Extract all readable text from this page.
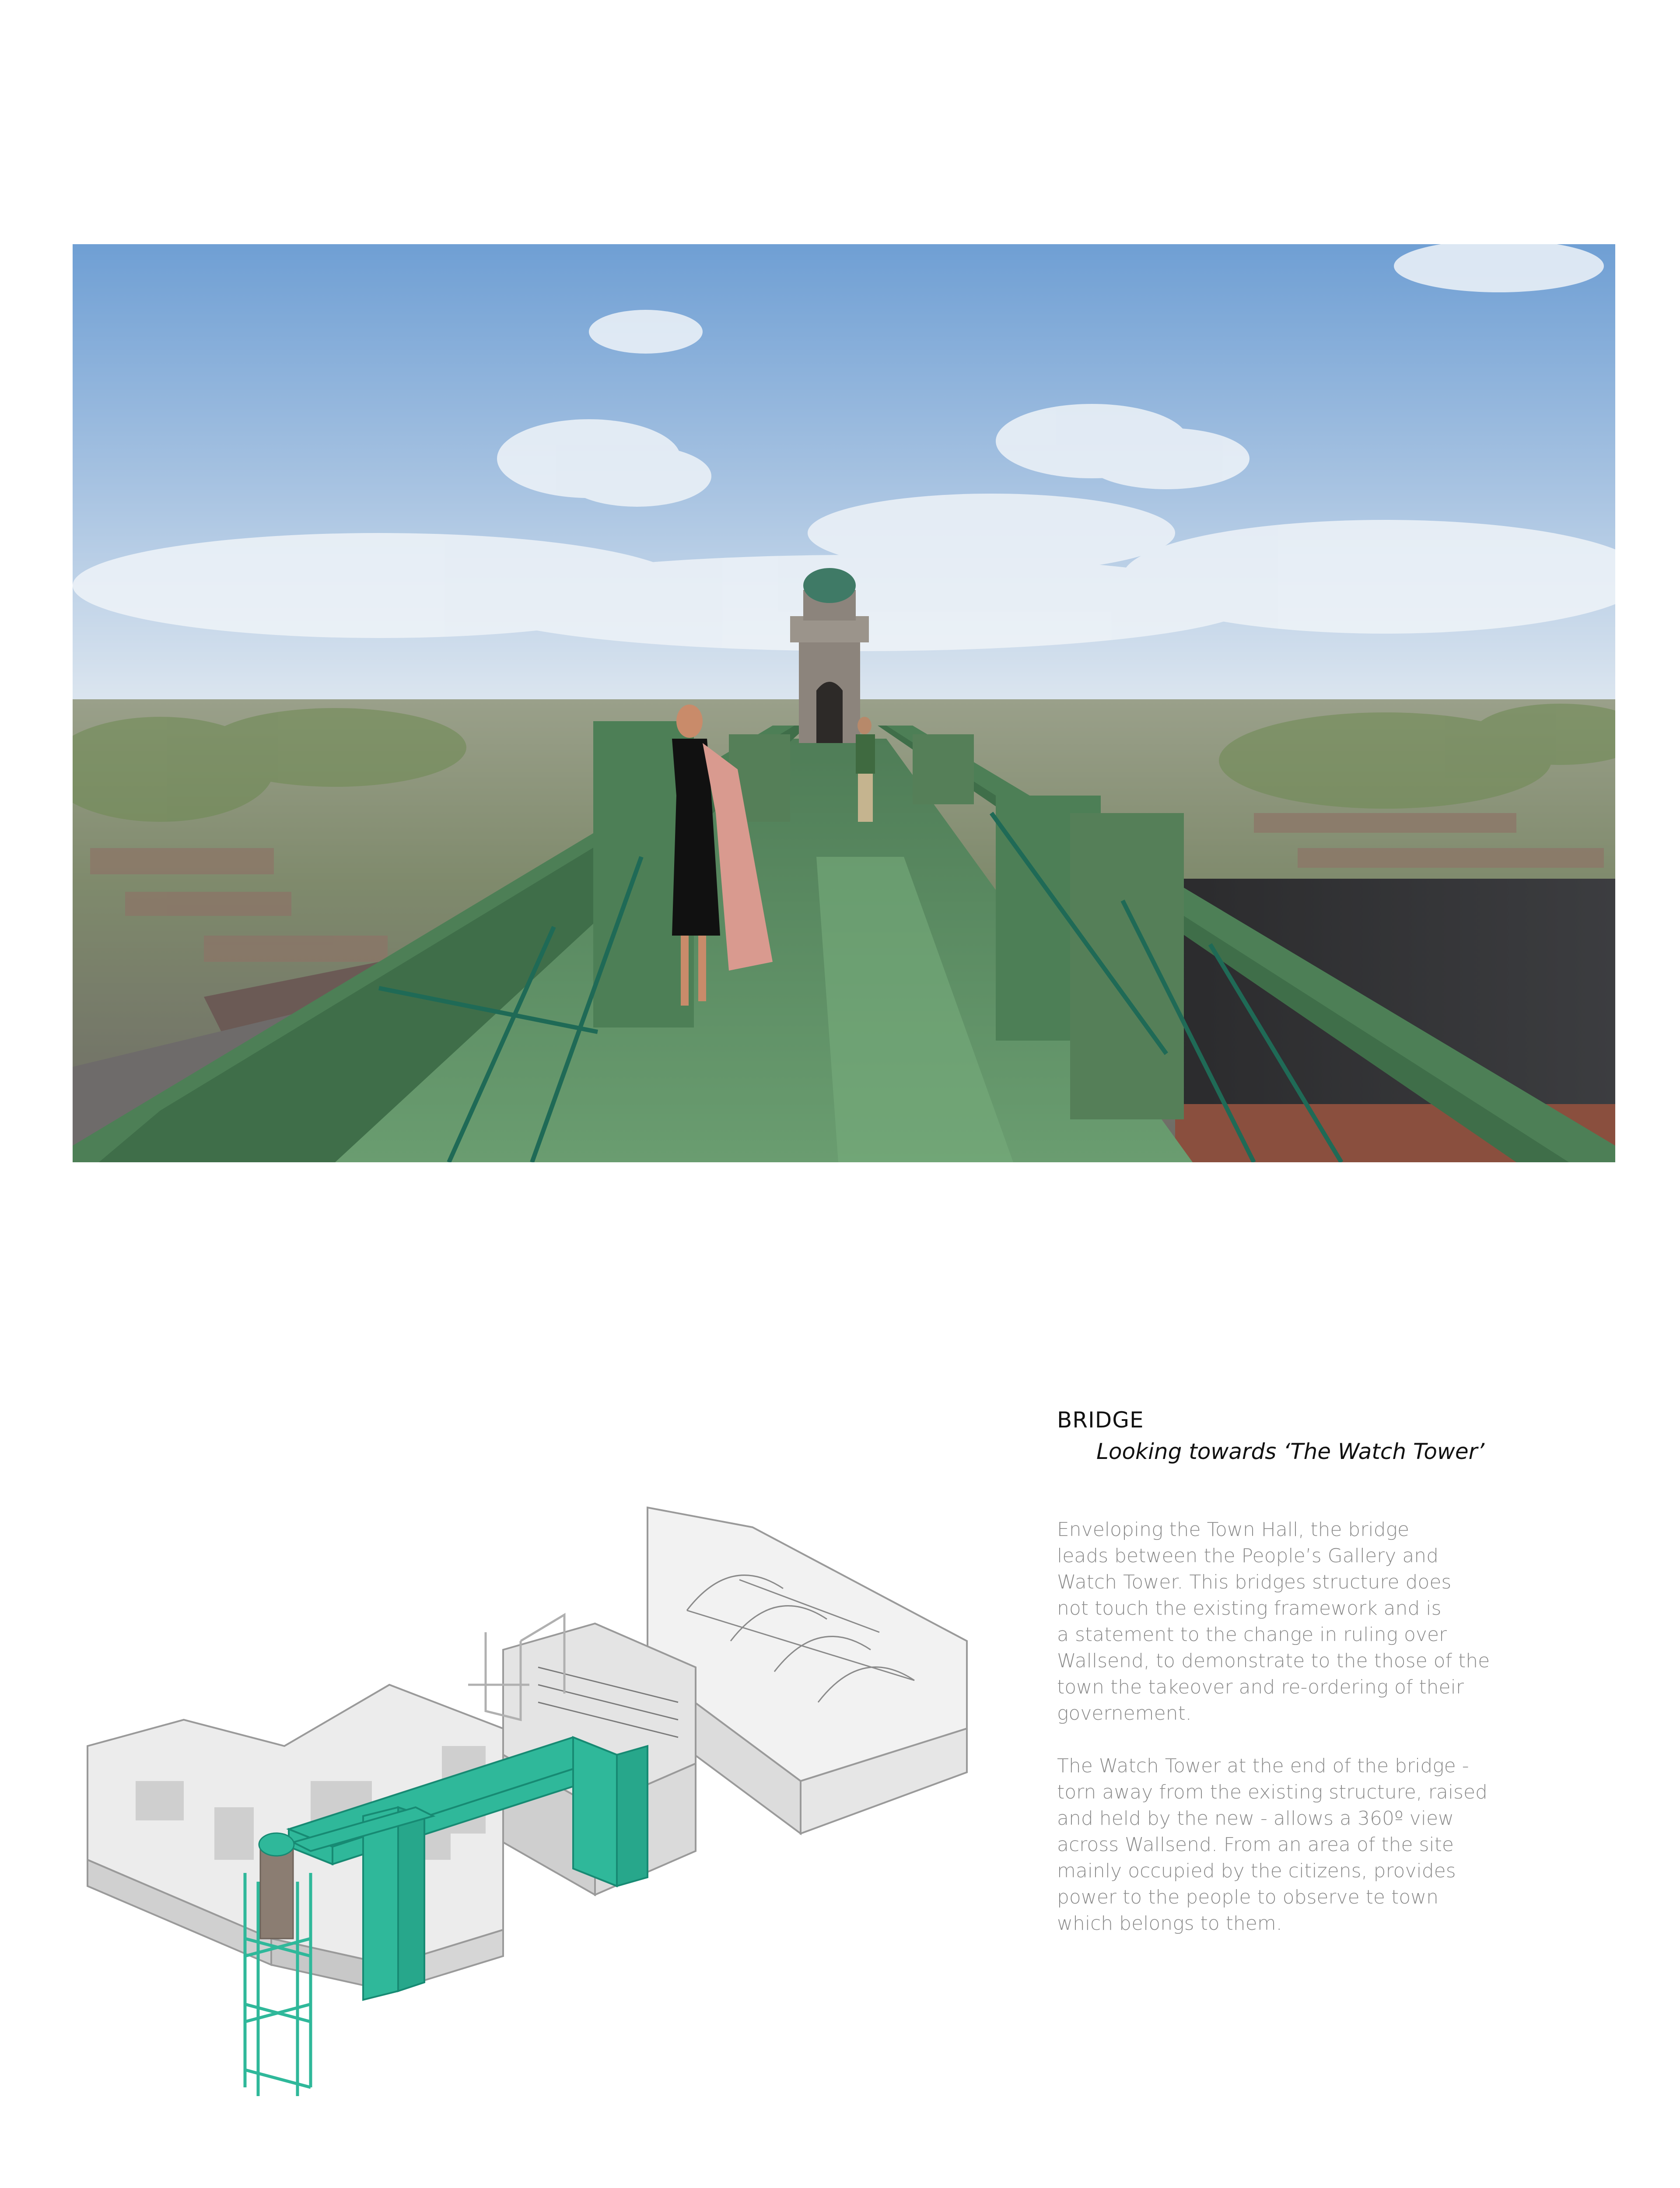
BRIDGE

Looking towards ‘The Watch Tower’

Enveloping the Town Hall, the bridge
leads between the People’s Gallery and
Watch Tower. This bridges structure does
not touch the existing framework and is
a statement to the change in ruling over
Wallsend, to demonstrate to the those of the
town the takeover and re-ordering of their
governement.

The Watch Tower at the end of the bridge -
torn away from the existing structure, raised
and held by the new - allows a 360º view
across Wallsend. From an area of the site
mainly occupied by the citizens, provides
power to the people to observe te town
which belongs to them.
